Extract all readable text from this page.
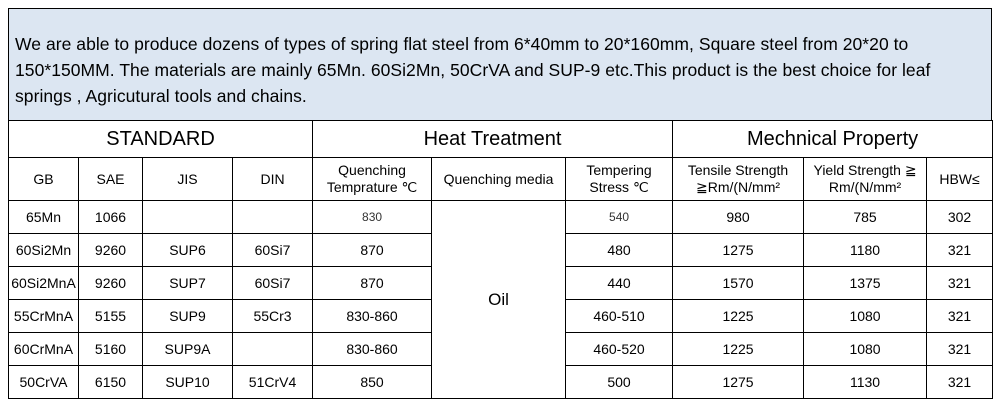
We are able to produce dozens of types of spring flat steel from 6*40mm to 20*160mm, Square steel from 20*20 to 150*150MM. The materials are mainly 65Mn. 60Si2Mn, 50CrVA and SUP-9 etc.This product is the best choice for leaf springs , Agricutural tools and chains.
STANDARD				Heat Treatment			Mechnical Property		
GB	SAE	JIS	DIN	Quenching Temprature ℃	Quenching media	Tempering Stress ℃	Tensile Strength ≧Rm/(N/mm²	Yield Strength ≧ Rm/(N/mm²	HBW≤
65Mn	1066			830	Oil	540	980	785	302
60Si2Mn	9260	SUP6	60Si7	870		480	1275	1180	321
60Si2MnA	9260	SUP7	60Si7	870		440	1570	1375	321
55CrMnA	5155	SUP9	55Cr3	830-860		460-510	1225	1080	321
60CrMnA	5160	SUP9A		830-860		460-520	1225	1080	321
50CrVA	6150	SUP10	51CrV4	850		500	1275	1130	321
